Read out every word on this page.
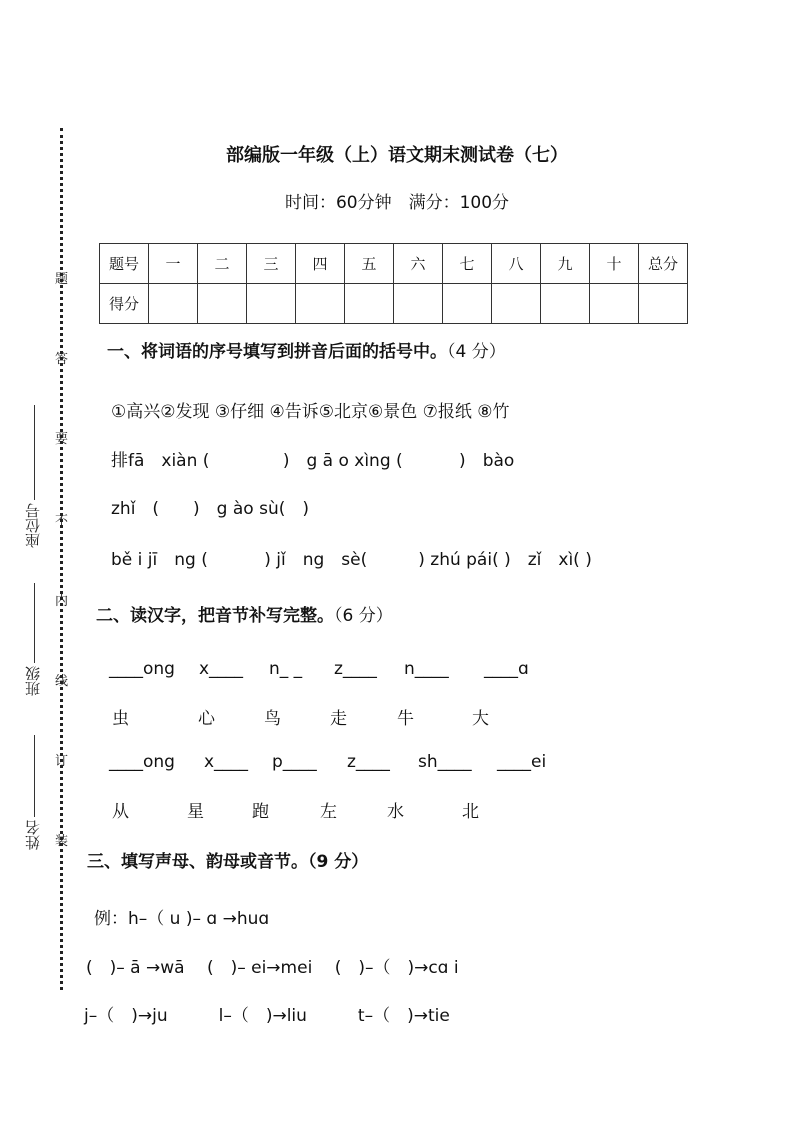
题
答
要
不
内
线
订
装
座位号
班级
姓名
部编版一年级（上）语文期末测试卷（七）
时间：60分钟　满分：100分
题号	一	二	三	四	五	六	七	八	九	十	总分
得分											
一、将词语的序号填写到拼音后面的括号中。（4 分）
①高兴②发现 ③仔细 ④告诉⑤北京⑥景色 ⑦报纸 ⑧竹
排fā　xiàn (　　　　 )　g ā o xìng (　　　 )　bào
zhǐ　(　　)　g ào sù(　)
bě i jī　ng (　　　 ) jǐ　ng　sè(　　　) zhú pái( )　zǐ　xì( )
二、读汉字，把音节补写完整。（6 分）
____ong x____ n_ _ z____ n____ ____ɑ
虫	心	鸟	走	牛	大
____ong x____ p____ z____ sh____ ____ei
从	星	跑	左	水	北
三、填写声母、韵母或音节。（9 分）
例：h–（ u )– ɑ →huɑ
(　)– ā →wā　 (　)– ei→mei　 (　)–（　)→cɑ i
j–（　)→ju　　　l–（　)→liu　　　t–（　)→tie
